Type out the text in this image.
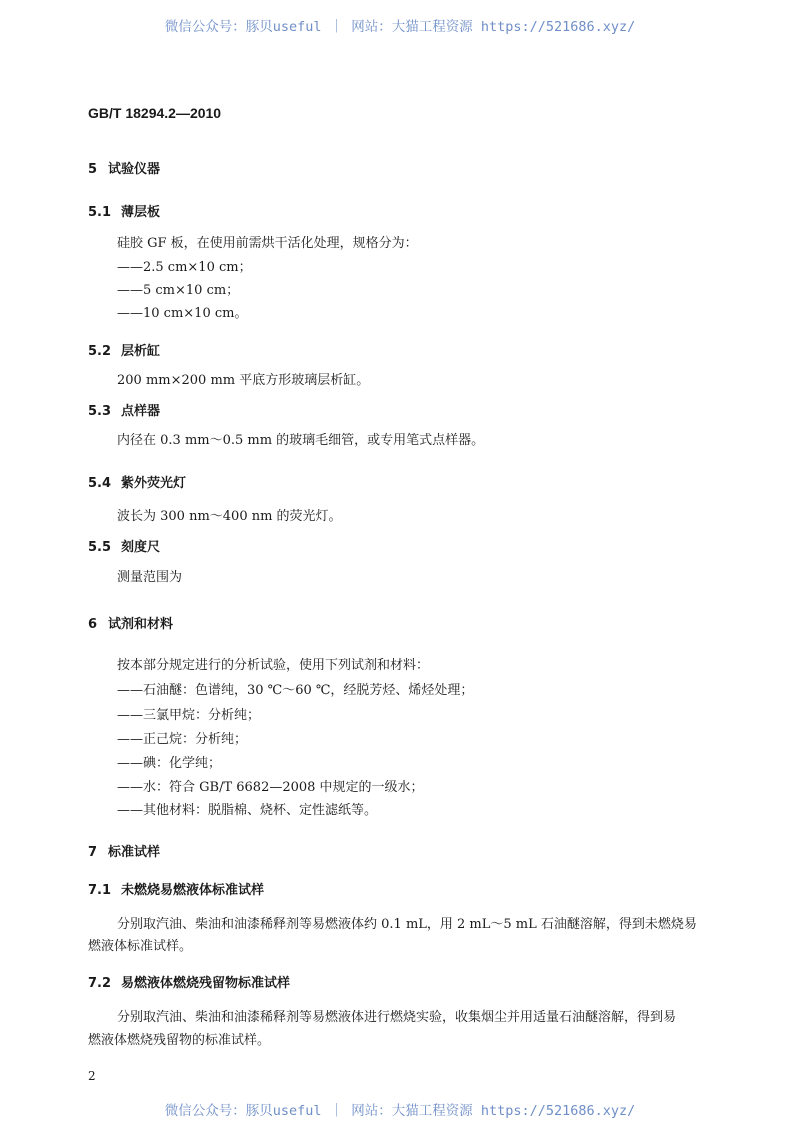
微信公众号：豚贝useful ｜ 网站：大猫工程资源 https://521686.xyz/
GB/T 18294.2—2010
5 试验仪器
5.1 薄层板
硅胶 GF 板，在使用前需烘干活化处理，规格分为：
——2.5 cm×10 cm；
——5 cm×10 cm；
——10 cm×10 cm。
5.2 层析缸
200 mm×200 mm 平底方形玻璃层析缸。
5.3 点样器
内径在 0.3 mm～0.5 mm 的玻璃毛细管，或专用笔式点样器。
5.4 紫外荧光灯
波长为 300 nm～400 nm 的荧光灯。
5.5 刻度尺
测量范围为
6 试剂和材料
按本部分规定进行的分析试验，使用下列试剂和材料：
——石油醚：色谱纯，30 ℃～60 ℃，经脱芳烃、烯烃处理；
——三氯甲烷：分析纯；
——正己烷：分析纯；
——碘：化学纯；
——水：符合 GB/T 6682—2008 中规定的一级水；
——其他材料：脱脂棉、烧杯、定性滤纸等。
7 标准试样
7.1 未燃烧易燃液体标准试样
分别取汽油、柴油和油漆稀释剂等易燃液体约 0.1 mL，用 2 mL～5 mL 石油醚溶解，得到未燃烧易
燃液体标准试样。
7.2 易燃液体燃烧残留物标准试样
分别取汽油、柴油和油漆稀释剂等易燃液体进行燃烧实验，收集烟尘并用适量石油醚溶解，得到易
燃液体燃烧残留物的标准试样。
2
微信公众号：豚贝useful ｜ 网站：大猫工程资源 https://521686.xyz/
